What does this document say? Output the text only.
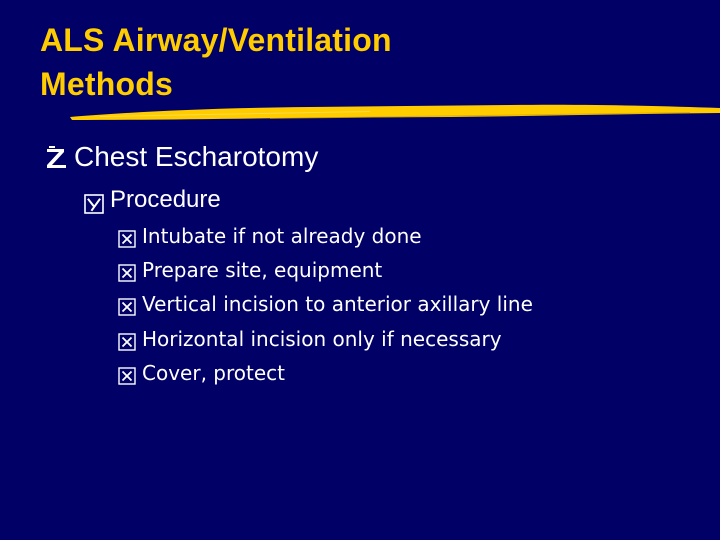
ALS Airway/Ventilation
Methods
Chest Escharotomy
Procedure
Intubate if not already done
Prepare site, equipment
Vertical incision to anterior axillary line
Horizontal incision only if necessary
Cover, protect
